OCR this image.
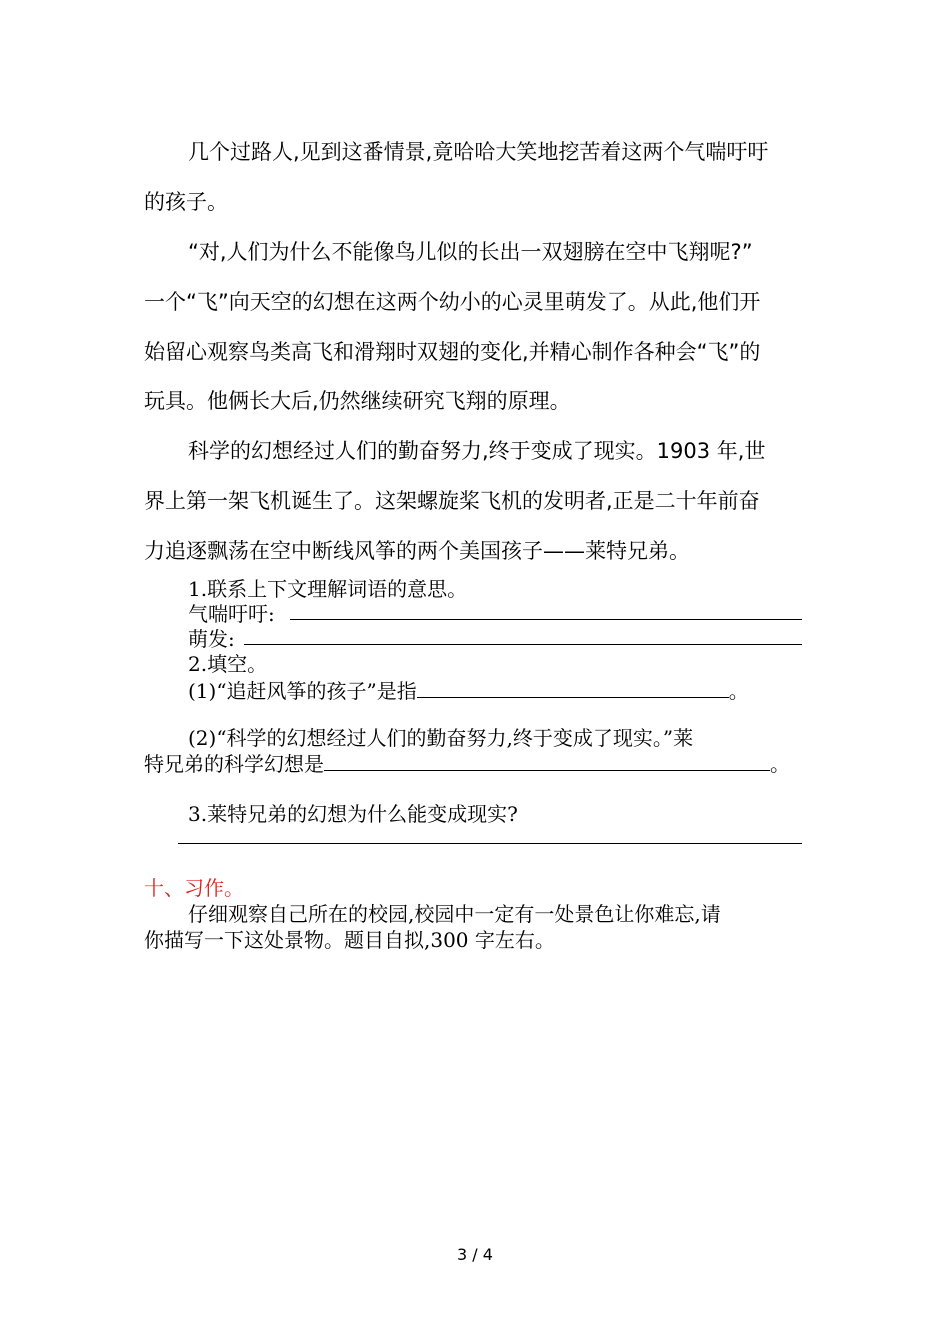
几个过路人,见到这番情景,竟哈哈大笑地挖苦着这两个气喘吁吁
的孩子。
“对,人们为什么不能像鸟儿似的长出一双翅膀在空中飞翔呢?”
一个“飞”向天空的幻想在这两个幼小的心灵里萌发了。从此,他们开
始留心观察鸟类高飞和滑翔时双翅的变化,并精心制作各种会“飞”的
玩具。他俩长大后,仍然继续研究飞翔的原理。
科学的幻想经过人们的勤奋努力,终于变成了现实。1903 年,世
界上第一架飞机诞生了。这架螺旋桨飞机的发明者,正是二十年前奋
力追逐飘荡在空中断线风筝的两个美国孩子——莱特兄弟。
1.联系上下文理解词语的意思。
气喘吁吁:
萌发:
2.填空。
(1)“追赶风筝的孩子”是指	。
(2)“科学的幻想经过人们的勤奋努力,终于变成了现实。”莱
特兄弟的科学幻想是	。
3.莱特兄弟的幻想为什么能变成现实?
十、习作。
仔细观察自己所在的校园,校园中一定有一处景色让你难忘,请
你描写一下这处景物。题目自拟,300 字左右。
3 / 4
